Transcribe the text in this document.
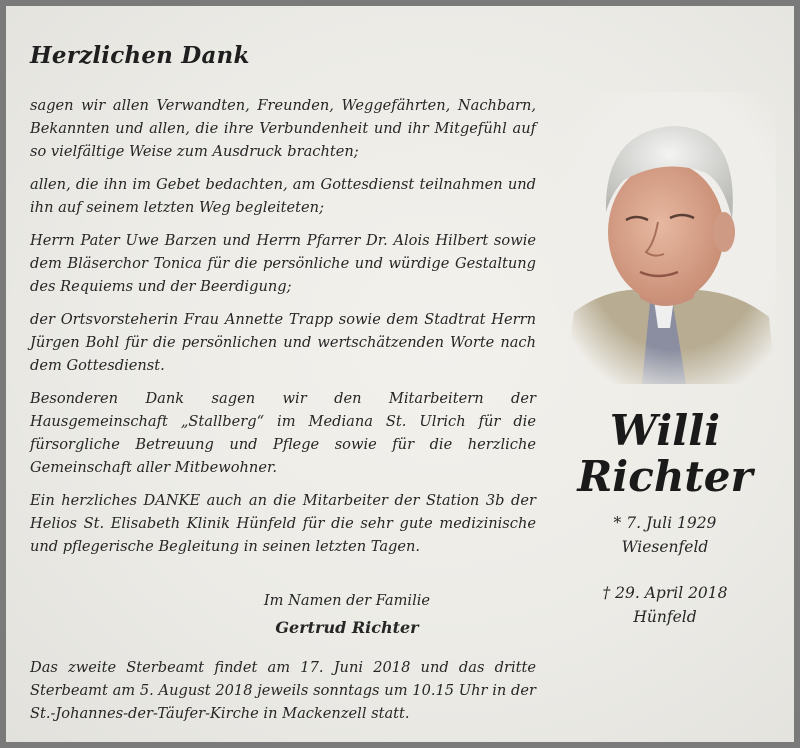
Herzlichen Dank

sagen wir allen Verwandten, Freunden, Weggefährten, Nachbarn, Bekannten und allen, die ihre Verbundenheit und ihr Mitgefühl auf so vielfältige Weise zum Ausdruck brachten;

allen, die ihn im Gebet bedachten, am Gottesdienst teilnahmen und ihn auf seinem letzten Weg begleiteten;

Herrn Pater Uwe Barzen und Herrn Pfarrer Dr. Alois Hilbert sowie dem Bläserchor Tonica für die persönliche und würdige Gestaltung des Requiems und der Beerdigung;

der Ortsvorsteherin Frau Annette Trapp sowie dem Stadtrat Herrn Jürgen Bohl für die persönlichen und wertschätzenden Worte nach dem Gottesdienst.

Besonderen Dank sagen wir den Mitarbeitern der Hausgemeinschaft „Stallberg“ im Mediana St. Ulrich für die fürsorgliche Betreuung und Pflege sowie für die herzliche Gemeinschaft aller Mitbewohner.

Ein herzliches DANKE auch an die Mitarbeiter der Station 3b der Helios St. Elisabeth Klinik Hünfeld für die sehr gute medizinische und pflegerische Begleitung in seinen letzten Tagen.

Im Namen der Familie
Gertrud Richter
Das zweite Sterbeamt findet am 17. Juni 2018 und das dritte Sterbeamt am 5. August 2018 jeweils sonntags um 10.15 Uhr in der St.-Johannes-der-Täufer-Kirche in Mackenzell statt.
Willi
Richter
* 7. Juli 1929
Wiesenfeld
† 29. April 2018
Hünfeld
